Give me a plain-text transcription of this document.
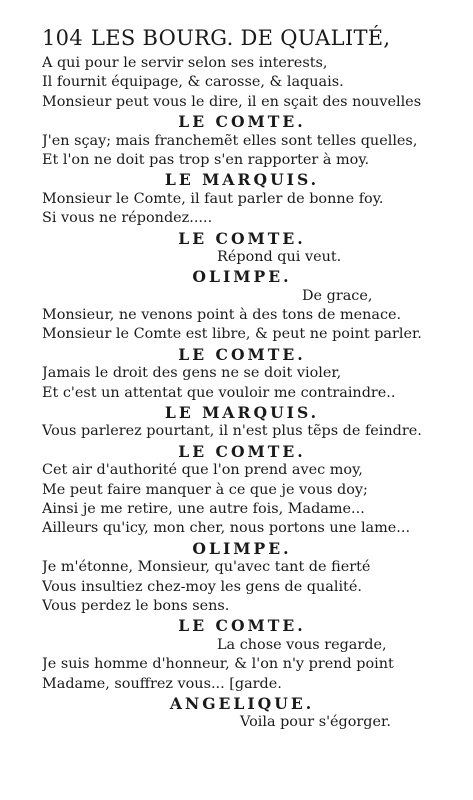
104 LES BOURG. DE QUALITÉ,
A qui pour le servir selon ses interests,
Il fournit équipage, & carosse, & laquais.
Monsieur peut vous le dire, il en sçait des nouvelles
LE COMTE.
J'en sçay; mais franchemẽt elles sont telles quelles,
Et l'on ne doit pas trop s'en rapporter à moy.
LE MARQUIS.
Monsieur le Comte, il faut parler de bonne foy.
Si vous ne répondez.....
LE COMTE.
Répond qui veut.
OLIMPE.
De grace,
Monsieur, ne venons point à des tons de menace.
Monsieur le Comte est libre, & peut ne point parler.
LE COMTE.
Jamais le droit des gens ne se doit violer,
Et c'est un attentat que vouloir me contraindre..
LE MARQUIS.
Vous parlerez pourtant, il n'est plus tẽps de feindre.
LE COMTE.
Cet air d'authorité que l'on prend avec moy,
Me peut faire manquer à ce que je vous doy;
Ainsi je me retire, une autre fois, Madame...
Ailleurs qu'icy, mon cher, nous portons une lame...
OLIMPE.
Je m'étonne, Monsieur, qu'avec tant de fierté
Vous insultiez chez-moy les gens de qualité.
Vous perdez le bons sens.
LE COMTE.
La chose vous regarde,
Je suis homme d'honneur, & l'on n'y prend point
Madame, souffrez vous... [garde.
ANGELIQUE.
Voila pour s'égorger.
